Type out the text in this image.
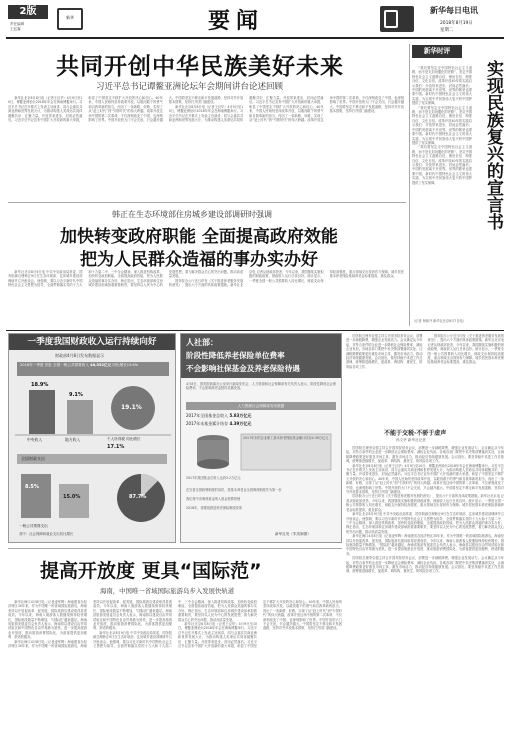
2版
责任编辑
王虹霖
新华	要闻	新华每日电讯
2018年8月19日
星期二
共同开创中华民族美好未来
习近平总书记谭鳌亚洲论坛年会期间讲台论述回顾

新华社北京8月8日电（记者王汉华）4月9日至10日，博鳌亚洲论坛2018年年会在海南博鳌举行。习近平总书记在开幕式上发表主旨演讲，同与会嘉宾共商亚洲和世界发展大计，为推动构建人类命运共同体凝聚共识、汇聚力量。开放带来进步，封闭必然落后。习近平总书记宣布中国扩大开放新的重大举措，彰显了中国坚定不移扩大开放的决心和信心。40年来，中国人民始终坚持改革开放，以敢闯敢干的勇气和自我革新的担当，闯出了一条新路，好路，实现了从“赶上时代”到“引领时代”的伟大跨越。改革开放这场中国的第二次革命，不仅深刻改变了中国，也深刻影响了世界。中国开放的大门不会关闭，只会越开越大。中国将坚定不移走和平发展道路，坚持对外开放基本国策，坚持打开国门搞建设。

新华社北京8月8日电（记者王汉华）4月9日至10日，博鳌亚洲论坛2018年年会在海南博鳌举行。习近平总书记在开幕式上发表主旨演讲，同与会嘉宾共商亚洲和世界发展大计，为推动构建人类命运共同体凝聚共识、汇聚力量。开放带来进步，封闭必然落后。习近平总书记宣布中国扩大开放新的重大举措，彰显了中国坚定不移扩大开放的决心和信心。40年来，中国人民始终坚持改革开放，以敢闯敢干的勇气和自我革新的担当，闯出了一条新路，好路，实现了从“赶上时代”到“引领时代”的伟大跨越。改革开放这场中国的第二次革命，不仅深刻改变了中国，也深刻影响了世界。中国开放的大门不会关闭，只会越开越大。中国将坚定不移走和平发展道路，坚持对外开放基本国策，坚持打开国门搞建设。

新华时评

“我们要坚定走中国特色社会主义道路，而不是走封闭僵化的老路”，坚定中国特色社会主义道路自信、理论自信、制度自信、文化自信。改革开放40年的实践启示我们：开放带来进步，封闭必然落后；中国的发展离不开世界，世界的繁荣也需要中国。新时代中国特色社会主义的伟大实践，为实现中华民族伟大复兴的中国梦提供了坚实保障。

“我们要坚定走中国特色社会主义道路，而不是走封闭僵化的老路”，坚定中国特色社会主义道路自信、理论自信、制度自信、文化自信。改革开放40年的实践启示我们：开放带来进步，封闭必然落后；中国的发展离不开世界，世界的繁荣也需要中国。新时代中国特色社会主义的伟大实践，为实现中华民族伟大复兴的中国梦提供了坚实保障。

“我们要坚定走中国特色社会主义道路，而不是走封闭僵化的老路”，坚定中国特色社会主义道路自信、理论自信、制度自信、文化自信。改革开放40年的实践启示我们：开放带来进步，封闭必然落后；中国的发展离不开世界，世界的繁荣也需要中国。新时代中国特色社会主义的伟大实践，为实现中华民族伟大复兴的中国梦提供了坚实保障。	实现民族复兴的宣言书
（记者 杨林升 新华社北京8月7日电）
韩正在生态环境部住房城乡建设部调研时强调
加快转变政府职能 全面提高政府效能
把为人民群众造福的事办实办好

新华社北京8月9日电 中共中央政治局常委、国务院副总理韩正9日在生态环境部、住房城乡建设部调研并召开座谈会。他强调，要以习近平新时代中国特色社会主义思想为指导，全面贯彻落实党的十九大和十九届二中、三中全会精神，深入推进机构改革，加快转变政府职能，全面提高政府效能，把为人民群众造福的事办实办好。韩正指出，生态环境部和住房城乡建设部承担着重要职责，要坚持以人民为中心的发展思想，着力解决群众关心的突出问题，推动高质量发展。

国务院办公厅近日印发《关于推进养老服务发展的意见》，提出六个方面的具体政策措施。新华社北京电 记者从财政部获悉，今年以来，我国继续实施积极的财政政策，财政收入运行总体良好。统计显示，一季度全国一般公共预算收入同比增长，财政支出保持较高强度，重点领域支出得到有力保障。城乡居民基本养老保险基础养老金标准提高，惠及群众。

一季度我国财政收入运行持续向好
财政部4月8日发布数据显示
2018年一季度 首批 全国一般公共预算收入 48,552亿元 同比增长13.6%
18.9%
9.1%
19.1%
中央收入	地方收入	个人所得税 同比增长
17.1%
全国财政支出
8.5%
15.0%	87.7%
一般公共预算支出
其中：社会保障和就业支出同比增长
人社部：
阶段性降低养老保险单位费率
不会影响社保基金及养老保险待遇
4月8日，国务院新闻办公室举行新闻发布会，人力资源和社会保障部有关负责人表示，阶段性降低社会保险费率，不会影响养老金按时足额发放。
人力资源社会保障部发布数据
2017年全国基金总收入 5.83万亿元
2017年末基金累计结存 4.39万亿元
2017年末的企业职工基本养老保险基金累计结存4.39万亿元
2017年我国基金总收入达到3.2万亿元
在完善全国统筹制度的同时，将基本养老金全国调剂制度作为第一步
我们将中央调剂基金纳入基金预算管理
2018年，将继续推进养老保险制度改革
新华社发（朱英制图）

国务院总理李克强主持召开国务院常务会议，部署进一步减税降费，增强企业发展动力。会议确定从今年起，对符合条件的企业进一步降低社会保险费率，减轻企业负担。各地各部门要把中央决策部署落到实处，让减税降费政策更好惠及市场主体，激发市场活力，推动经济持续健康发展。会议指出，要坚持稳中求进工作总基调，统筹推进稳增长、促改革、调结构、惠民生、防风险各项工作。

国务院办公厅近日印发《关于推进养老服务发展的意见》，提出六个方面的具体政策措施。新华社北京电 记者从财政部获悉，今年以来，我国继续实施积极的财政政策，财政收入运行总体良好。统计显示，一季度全国一般公共预算收入同比增长，财政支出保持较高强度，重点领域支出得到有力保障。城乡居民基本养老保险基础养老金标准提高，惠及群众。

不能于交税·不骄于虚声
孙文华 新华社记者

国务院总理李克强主持召开国务院常务会议，部署进一步减税降费，增强企业发展动力。会议确定从今年起，对符合条件的企业进一步降低社会保险费率，减轻企业负担。各地各部门要把中央决策部署落到实处，让减税降费政策更好惠及市场主体，激发市场活力，推动经济持续健康发展。会议指出，要坚持稳中求进工作总基调，统筹推进稳增长、促改革、调结构、惠民生、防风险各项工作。

新华社北京8月8日电（记者王汉华）4月9日至10日，博鳌亚洲论坛2018年年会在海南博鳌举行。习近平总书记在开幕式上发表主旨演讲，同与会嘉宾共商亚洲和世界发展大计，为推动构建人类命运共同体凝聚共识、汇聚力量。开放带来进步，封闭必然落后。习近平总书记宣布中国扩大开放新的重大举措，彰显了中国坚定不移扩大开放的决心和信心。40年来，中国人民始终坚持改革开放，以敢闯敢干的勇气和自我革新的担当，闯出了一条新路，好路，实现了从“赶上时代”到“引领时代”的伟大跨越。改革开放这场中国的第二次革命，不仅深刻改变了中国，也深刻影响了世界。中国开放的大门不会关闭，只会越开越大。中国将坚定不移走和平发展道路，坚持对外开放基本国策，坚持打开国门搞建设。

国务院办公厅近日印发《关于推进养老服务发展的意见》，提出六个方面的具体政策措施。新华社北京电 记者从财政部获悉，今年以来，我国继续实施积极的财政政策，财政收入运行总体良好。统计显示，一季度全国一般公共预算收入同比增长，财政支出保持较高强度，重点领域支出得到有力保障。城乡居民基本养老保险基础养老金标准提高，惠及群众。

新华社北京8月9日电 中共中央政治局常委、国务院副总理韩正9日在生态环境部、住房城乡建设部调研并召开座谈会。他强调，要以习近平新时代中国特色社会主义思想为指导，全面贯彻落实党的十九大和十九届二中、三中全会精神，深入推进机构改革，加快转变政府职能，全面提高政府效能，把为人民群众造福的事办实办好。韩正指出，生态环境部和住房城乡建设部承担着重要职责，要坚持以人民为中心的发展思想，着力解决群众关心的突出问题，推动高质量发展。

新华社海口4月8日电（记者凌军辉）海南建省办经济特区30年来，作为中国唯一的省域国际旅游岛，海南坚持以开放促改革、促发展，国际旅游岛建设取得显著成效。今年以来，海南入境游客人数继续保持较快增长，国际航线数量不断增加，“国际范”越来越足。海南省旅游发展委员会负责人表示，海南将以建设自由贸易试验区和中国特色自由贸易港为契机，进一步提高旅游业开放度，推动旅游消费国际化，为游客提供更加便利、舒适的服务。

国务院总理李克强主持召开国务院常务会议，部署进一步减税降费，增强企业发展动力。会议确定从今年起，对符合条件的企业进一步降低社会保险费率，减轻企业负担。各地各部门要把中央决策部署落到实处，让减税降费政策更好惠及市场主体，激发市场活力，推动经济持续健康发展。会议指出，要坚持稳中求进工作总基调，统筹推进稳增长、促改革、调结构、惠民生、防风险各项工作。

提高开放度 更具“国际范”
海南，中国唯一省域国际旅游岛步入发展快轨道

新华社海口4月8日电（记者凌军辉）海南建省办经济特区30年来，作为中国唯一的省域国际旅游岛，海南坚持以开放促改革、促发展，国际旅游岛建设取得显著成效。今年以来，海南入境游客人数继续保持较快增长，国际航线数量不断增加，“国际范”越来越足。海南省旅游发展委员会负责人表示，海南将以建设自由贸易试验区和中国特色自由贸易港为契机，进一步提高旅游业开放度，推动旅游消费国际化，为游客提供更加便利、舒适的服务。

新华社海口4月8日电（记者凌军辉）海南建省办经济特区30年来，作为中国唯一的省域国际旅游岛，海南坚持以开放促改革、促发展，国际旅游岛建设取得显著成效。今年以来，海南入境游客人数继续保持较快增长，国际航线数量不断增加，“国际范”越来越足。海南省旅游发展委员会负责人表示，海南将以建设自由贸易试验区和中国特色自由贸易港为契机，进一步提高旅游业开放度，推动旅游消费国际化，为游客提供更加便利、舒适的服务。

新华社北京8月9日电 中共中央政治局常委、国务院副总理韩正9日在生态环境部、住房城乡建设部调研并召开座谈会。他强调，要以习近平新时代中国特色社会主义思想为指导，全面贯彻落实党的十九大和十九届二中、三中全会精神，深入推进机构改革，加快转变政府职能，全面提高政府效能，把为人民群众造福的事办实办好。韩正指出，生态环境部和住房城乡建设部承担着重要职责，要坚持以人民为中心的发展思想，着力解决群众关心的突出问题，推动高质量发展。

新华社北京8月8日电（记者王汉华）4月9日至10日，博鳌亚洲论坛2018年年会在海南博鳌举行。习近平总书记在开幕式上发表主旨演讲，同与会嘉宾共商亚洲和世界发展大计，为推动构建人类命运共同体凝聚共识、汇聚力量。开放带来进步，封闭必然落后。习近平总书记宣布中国扩大开放新的重大举措，彰显了中国坚定不移扩大开放的决心和信心。40年来，中国人民始终坚持改革开放，以敢闯敢干的勇气和自我革新的担当，闯出了一条新路，好路，实现了从“赶上时代”到“引领时代”的伟大跨越。改革开放这场中国的第二次革命，不仅深刻改变了中国，也深刻影响了世界。中国开放的大门不会关闭，只会越开越大。中国将坚定不移走和平发展道路，坚持对外开放基本国策，坚持打开国门搞建设。
